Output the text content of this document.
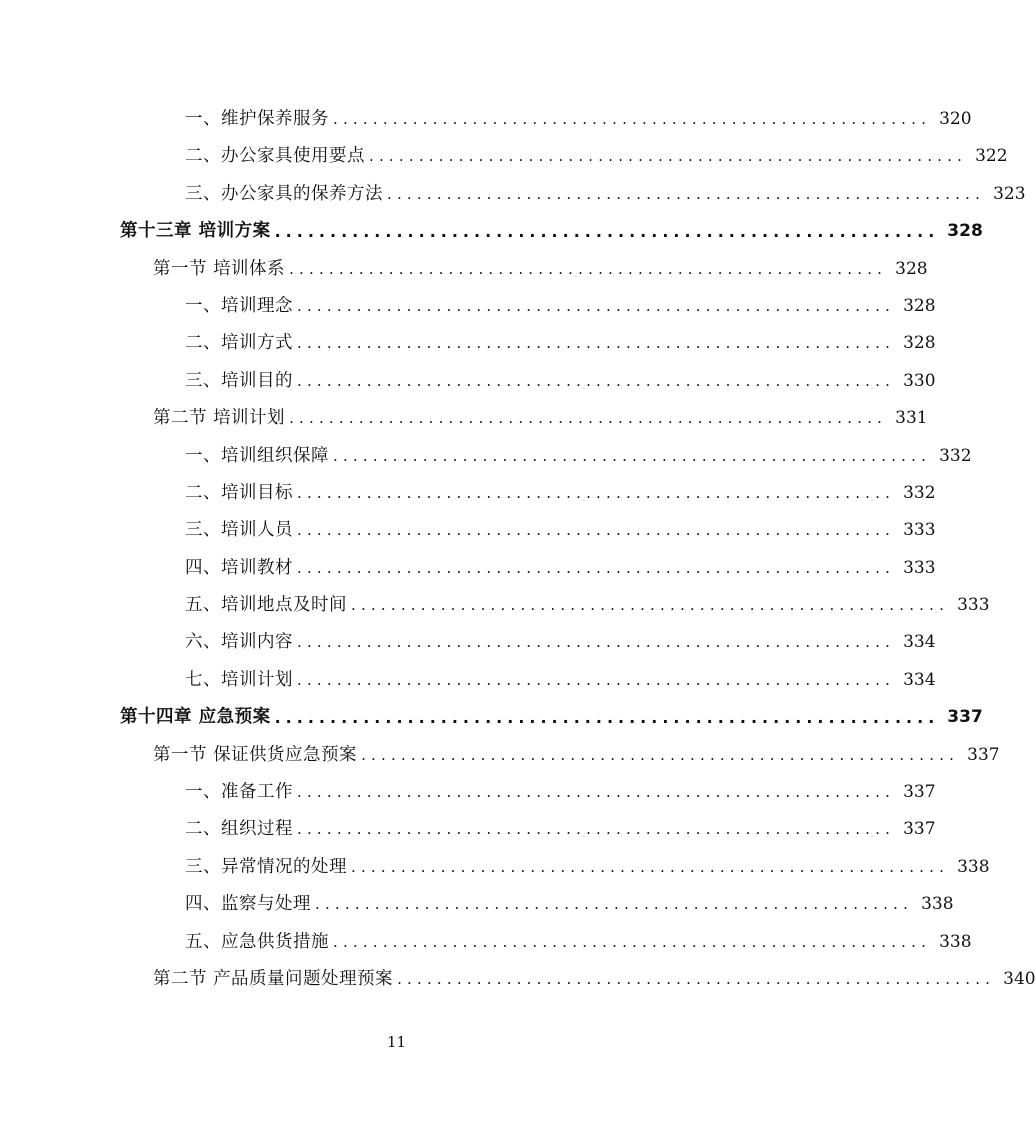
一、维护保养服务 ............................................................ 320
二、办公家具使用要点 ............................................................ 322
三、办公家具的保养方法 ............................................................ 323
第十三章 培训方案 ............................................................ 328
第一节 培训体系 ............................................................ 328
一、培训理念 ............................................................ 328
二、培训方式 ............................................................ 328
三、培训目的 ............................................................ 330
第二节 培训计划 ............................................................ 331
一、培训组织保障 ............................................................ 332
二、培训目标 ............................................................ 332
三、培训人员 ............................................................ 333
四、培训教材 ............................................................ 333
五、培训地点及时间 ............................................................ 333
六、培训内容 ............................................................ 334
七、培训计划 ............................................................ 334
第十四章 应急预案 ............................................................ 337
第一节 保证供货应急预案 ............................................................ 337
一、准备工作 ............................................................ 337
二、组织过程 ............................................................ 337
三、异常情况的处理 ............................................................ 338
四、监察与处理 ............................................................ 338
五、应急供货措施 ............................................................ 338
第二节 产品质量问题处理预案 ............................................................ 340
11
